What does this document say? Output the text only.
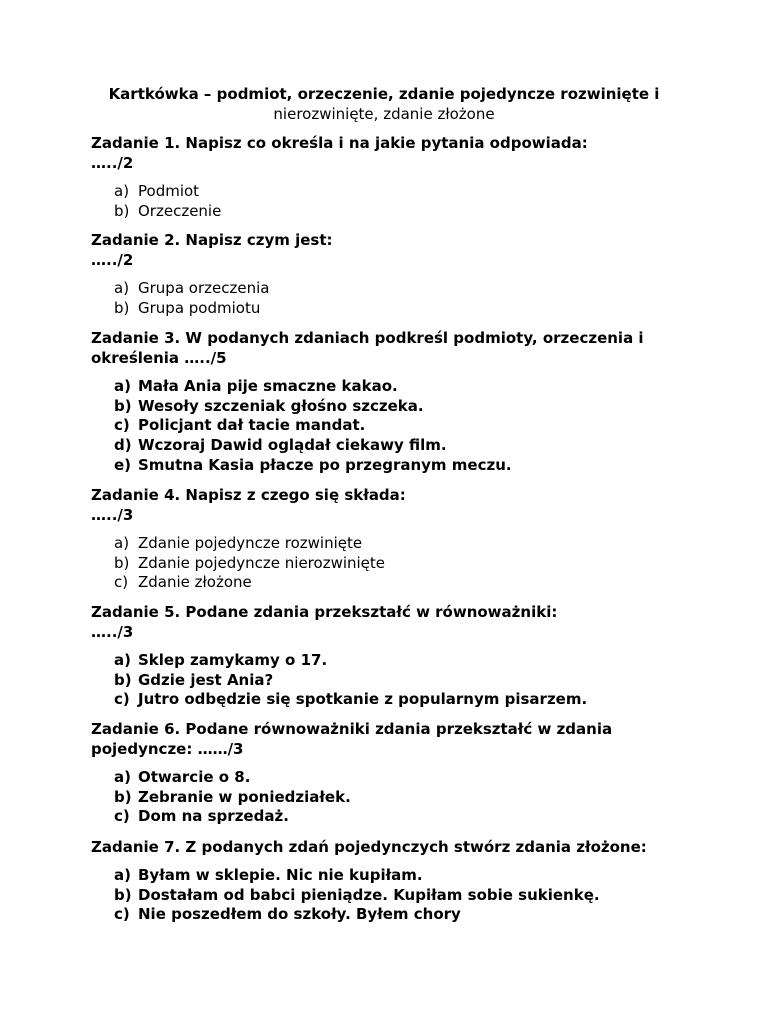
Kartkówka – podmiot, orzeczenie, zdanie pojedyncze rozwinięte i
nierozwinięte, zdanie złożone
Zadanie 1. Napisz co określa i na jakie pytania odpowiada:
…../2
a) Podmiot
b) Orzeczenie
Zadanie 2. Napisz czym jest:
…../2
a) Grupa orzeczenia
b) Grupa podmiotu
Zadanie 3. W podanych zdaniach podkreśl podmioty, orzeczenia i
określenia …../5
a) Mała Ania pije smaczne kakao.
b) Wesoły szczeniak głośno szczeka.
c) Policjant dał tacie mandat.
d) Wczoraj Dawid oglądał ciekawy film.
e) Smutna Kasia płacze po przegranym meczu.
Zadanie 4. Napisz z czego się składa:
…../3
a) Zdanie pojedyncze rozwinięte
b) Zdanie pojedyncze nierozwinięte
c) Zdanie złożone
Zadanie 5. Podane zdania przekształć w równoważniki:
…../3
a) Sklep zamykamy o 17.
b) Gdzie jest Ania?
c) Jutro odbędzie się spotkanie z popularnym pisarzem.
Zadanie 6. Podane równoważniki zdania przekształć w zdania
pojedyncze: ……/3
a) Otwarcie o 8.
b) Zebranie w poniedziałek.
c) Dom na sprzedaż.
Zadanie 7. Z podanych zdań pojedynczych stwórz zdania złożone:
a) Byłam w sklepie. Nic nie kupiłam.
b) Dostałam od babci pieniądze. Kupiłam sobie sukienkę.
c) Nie poszedłem do szkoły. Byłem chory
